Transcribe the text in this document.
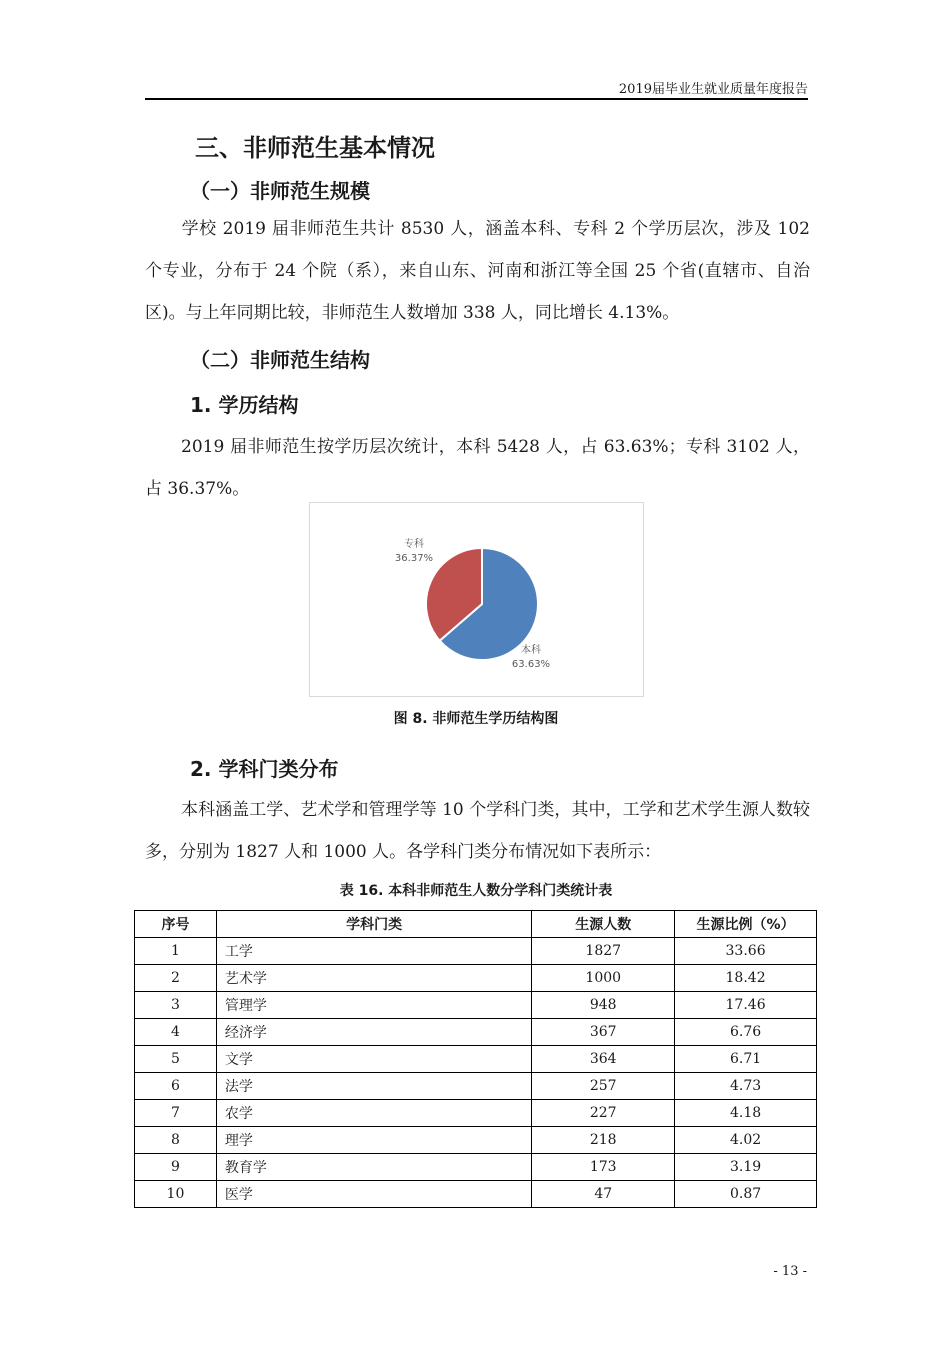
2019届毕业生就业质量年度报告
三、非师范生基本情况
（一）非师范生规模
学校 2019 届非师范生共计 8530 人，涵盖本科、专科 2 个学历层次，涉及 102 个专业，分布于 24 个院（系），来自山东、河南和浙江等全国 25 个省(直辖市、自治区)。与上年同期比较，非师范生人数增加 338 人，同比增长 4.13%。
（二）非师范生结构
1. 学历结构
2019 届非师范生按学历层次统计，本科 5428 人，占 63.63%；专科 3102 人，占 36.37%。
本科
63.63%
专科
36.37%
图 8. 非师范生学历结构图
2. 学科门类分布
本科涵盖工学、艺术学和管理学等 10 个学科门类，其中，工学和艺术学生源人数较多，分别为 1827 人和 1000 人。各学科门类分布情况如下表所示：
表 16. 本科非师范生人数分学科门类统计表
序号	学科门类	生源人数	生源比例（%）
1	工学	1827	33.66
2	艺术学	1000	18.42
3	管理学	948	17.46
4	经济学	367	6.76
5	文学	364	6.71
6	法学	257	4.73
7	农学	227	4.18
8	理学	218	4.02
9	教育学	173	3.19
10	医学	47	0.87
- 13 -
